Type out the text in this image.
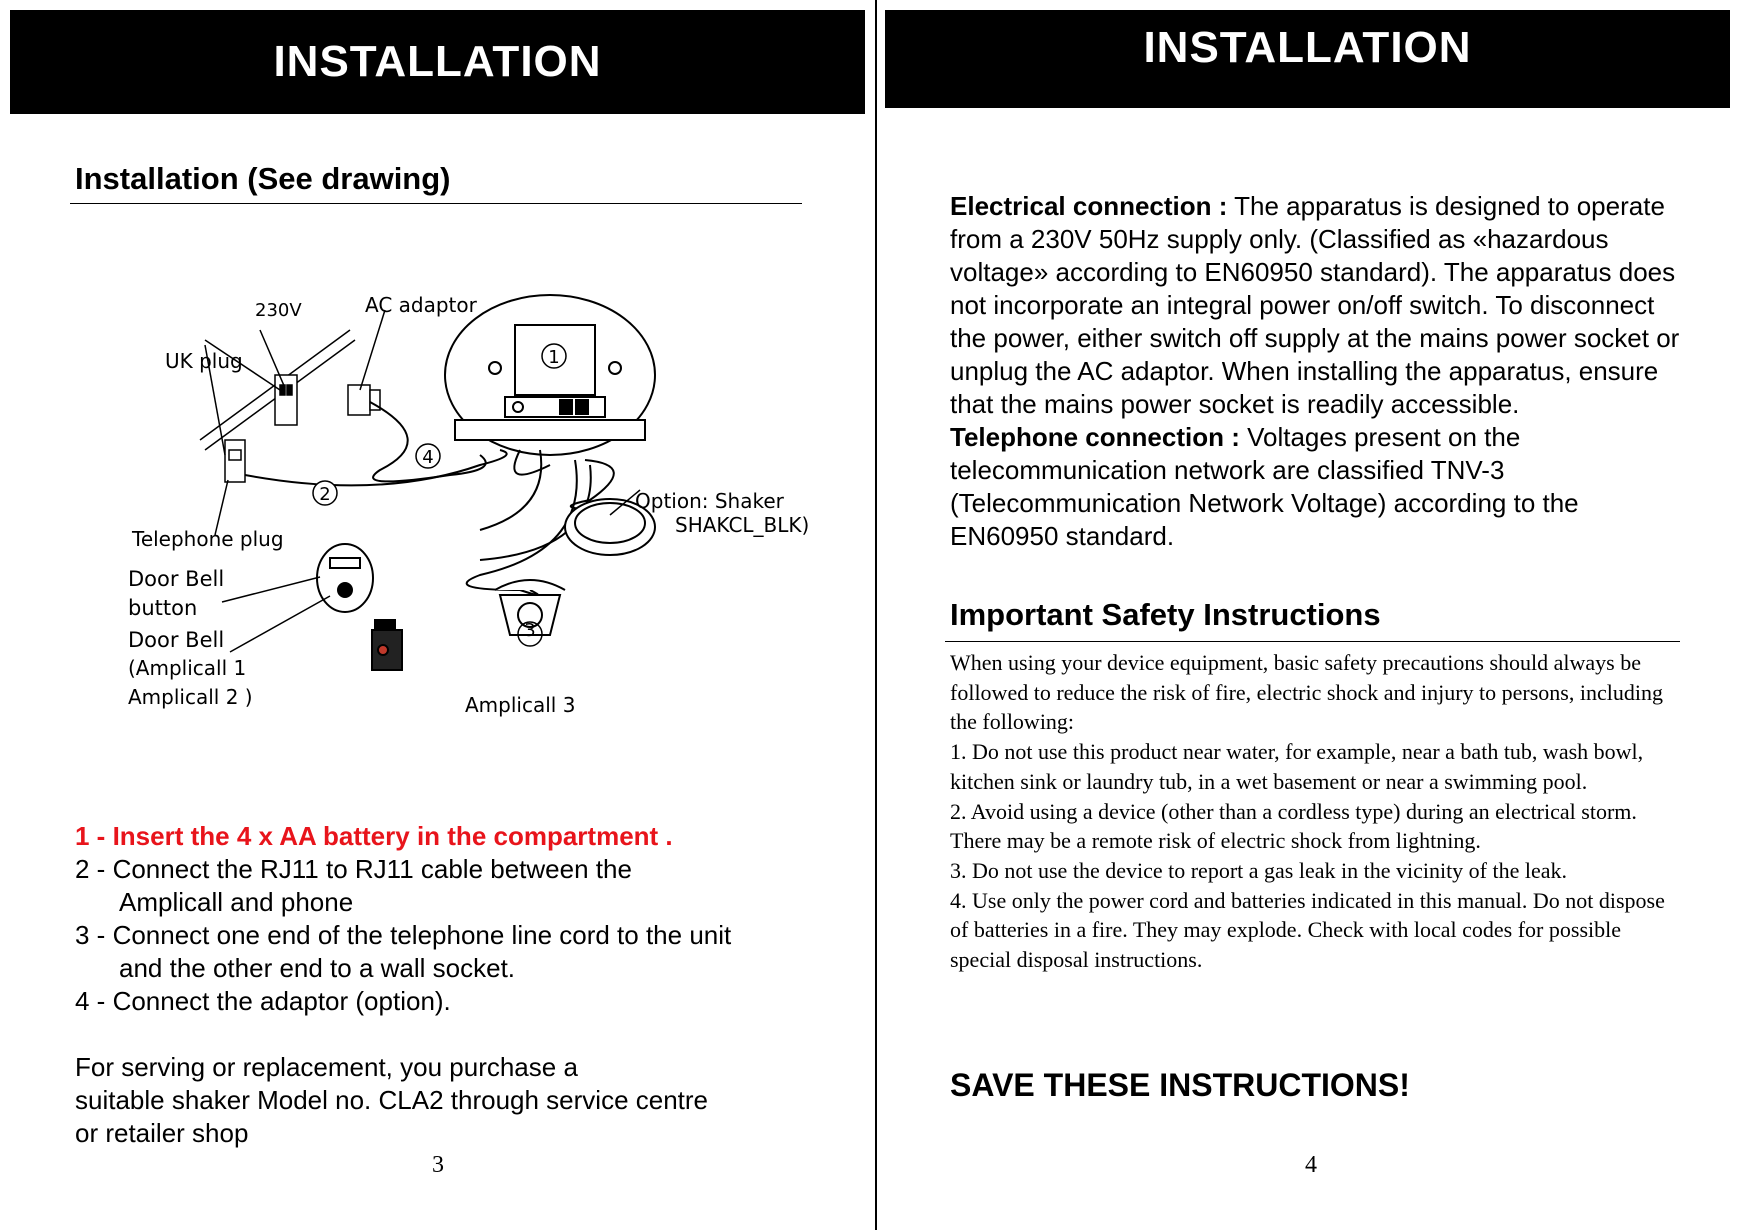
INSTALLATION
Installation (See drawing)
1
4
2
3
230V	AC adaptor
UK plug
Telephone plug
Door Bell
button
Door Bell
(Amplicall 1
Amplicall 2 )	Amplicall 3
Option: Shaker
SHAKCL_BLK)
1 - Insert the 4 x AA battery in the compartment .
2 - Connect the RJ11 to RJ11 cable between the
Amplicall and phone
3 - Connect one end of the telephone line cord to the unit
and the other end to a wall socket.
4 - Connect the adaptor (option).
For serving or replacement, you purchase a
suitable shaker Model no. CLA2 through service centre
or retailer shop
3
INSTALLATION
Electrical connection : The apparatus is designed to operate from a 230V 50Hz supply only. (Classified as «hazardous voltage» according to EN60950 standard). The apparatus does not incorporate an integral power on/off switch. To disconnect the power, either switch off supply at the mains power socket or unplug the AC adaptor. When installing the apparatus, ensure that the mains power socket is readily accessible.
Telephone connection : Voltages present on the telecommunication network are classified TNV-3 (Telecommunication Network Voltage) according to the EN60950 standard.
Important Safety Instructions
When using your device equipment, basic safety precautions should always be followed to reduce the risk of fire, electric shock and injury to persons, including the following:
1. Do not use this product near water, for example, near a bath tub, wash bowl, kitchen sink or laundry tub, in a wet basement or near a swimming pool.
2. Avoid using a device (other than a cordless type) during an electrical storm. There may be a remote risk of electric shock from lightning.
3. Do not use the device to report a gas leak in the vicinity of the leak.
4. Use only the power cord and batteries indicated in this manual. Do not dispose of batteries in a fire. They may explode. Check with local codes for possible special disposal instructions.
SAVE THESE INSTRUCTIONS!
4
